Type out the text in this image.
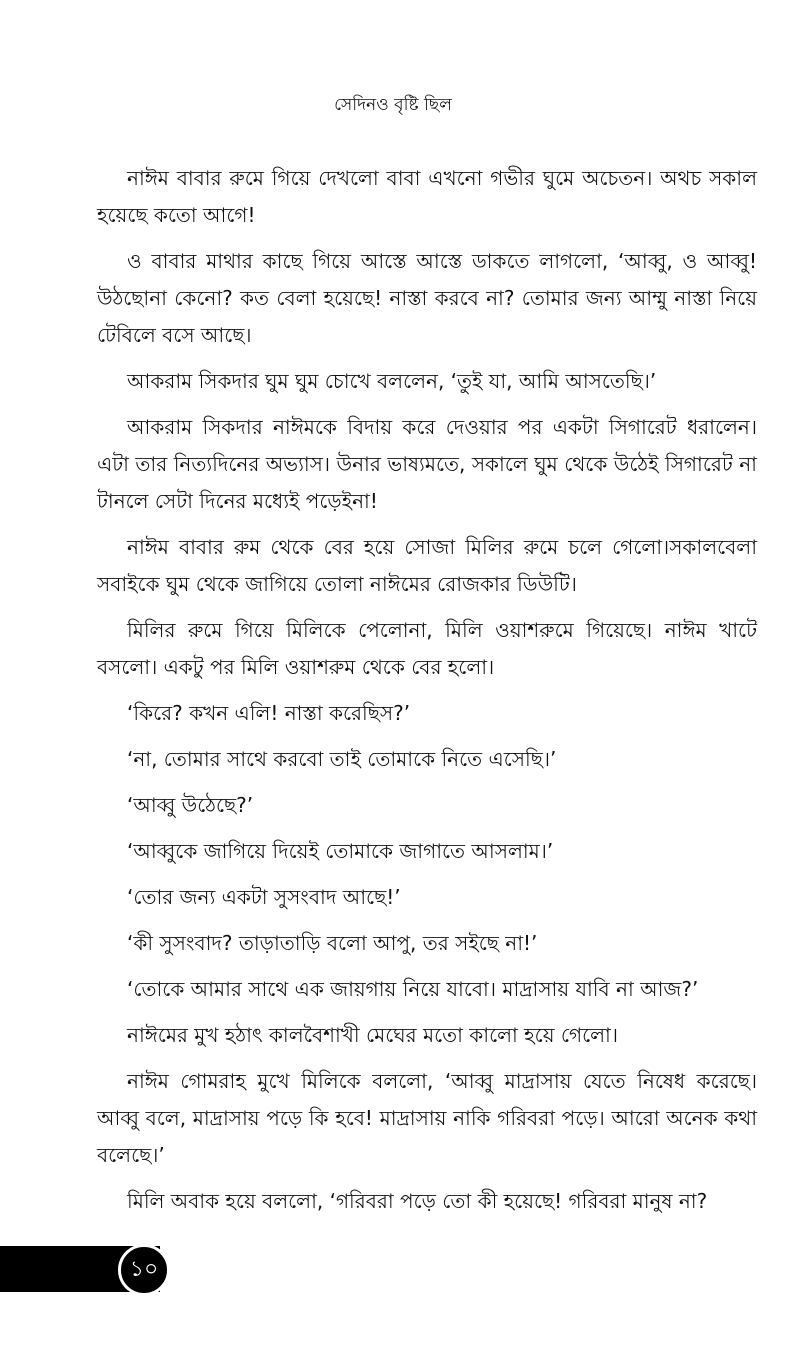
সেদিনও বৃষ্টি ছিল

নাঈম বাবার রুমে গিয়ে দেখলো বাবা এখনো গভীর ঘুমে অচেতন। অথচ সকাল হয়েছে কতো আগে!

ও বাবার মাথার কাছে গিয়ে আস্তে আস্তে ডাকতে লাগলো, ‘আব্বু, ও আব্বু! উঠছোনা কেনো? কত বেলা হয়েছে! নাস্তা করবে না? তোমার জন্য আম্মু নাস্তা নিয়ে টেবিলে বসে আছে।

আকরাম সিকদার ঘুম ঘুম চোখে বললেন, ‘তুই যা, আমি আসতেছি।’

আকরাম সিকদার নাঈমকে বিদায় করে দেওয়ার পর একটা সিগারেট ধরালেন। এটা তার নিত্যদিনের অভ্যাস। উনার ভাষ্যমতে, সকালে ঘুম থেকে উঠেই সিগারেট না টানলে সেটা দিনের মধ্যেই পড়েইনা!

নাঈম বাবার রুম থেকে বের হয়ে সোজা মিলির রুমে চলে গেলো।সকালবেলা সবাইকে ঘুম থেকে জাগিয়ে তোলা নাঈমের রোজকার ডিউটি।

মিলির রুমে গিয়ে মিলিকে পেলোনা, মিলি ওয়াশরুমে গিয়েছে। নাঈম খাটে বসলো। একটু পর মিলি ওয়াশরুম থেকে বের হলো।

‘কিরে? কখন এলি! নাস্তা করেছিস?’

‘না, তোমার সাথে করবো তাই তোমাকে নিতে এসেছি।’

‘আব্বু উঠেছে?’

‘আব্বুকে জাগিয়ে দিয়েই তোমাকে জাগাতে আসলাম।’

‘তোর জন্য একটা সুসংবাদ আছে!’

‘কী সুসংবাদ? তাড়াতাড়ি বলো আপু, তর সইছে না!’

‘তোকে আমার সাথে এক জায়গায় নিয়ে যাবো। মাদ্রাসায় যাবি না আজ?’

নাঈমের মুখ হঠাৎ কালবৈশাখী মেঘের মতো কালো হয়ে গেলো।

নাঈম গোমরাহ মুখে মিলিকে বললো, ‘আব্বু মাদ্রাসায় যেতে নিষেধ করেছে। আব্বু বলে, মাদ্রাসায় পড়ে কি হবে! মাদ্রাসায় নাকি গরিবরা পড়ে। আরো অনেক কথা বলেছে।’

মিলি অবাক হয়ে বললো, ‘গরিবরা পড়ে তো কী হয়েছে! গরিবরা মানুষ না?

১০
